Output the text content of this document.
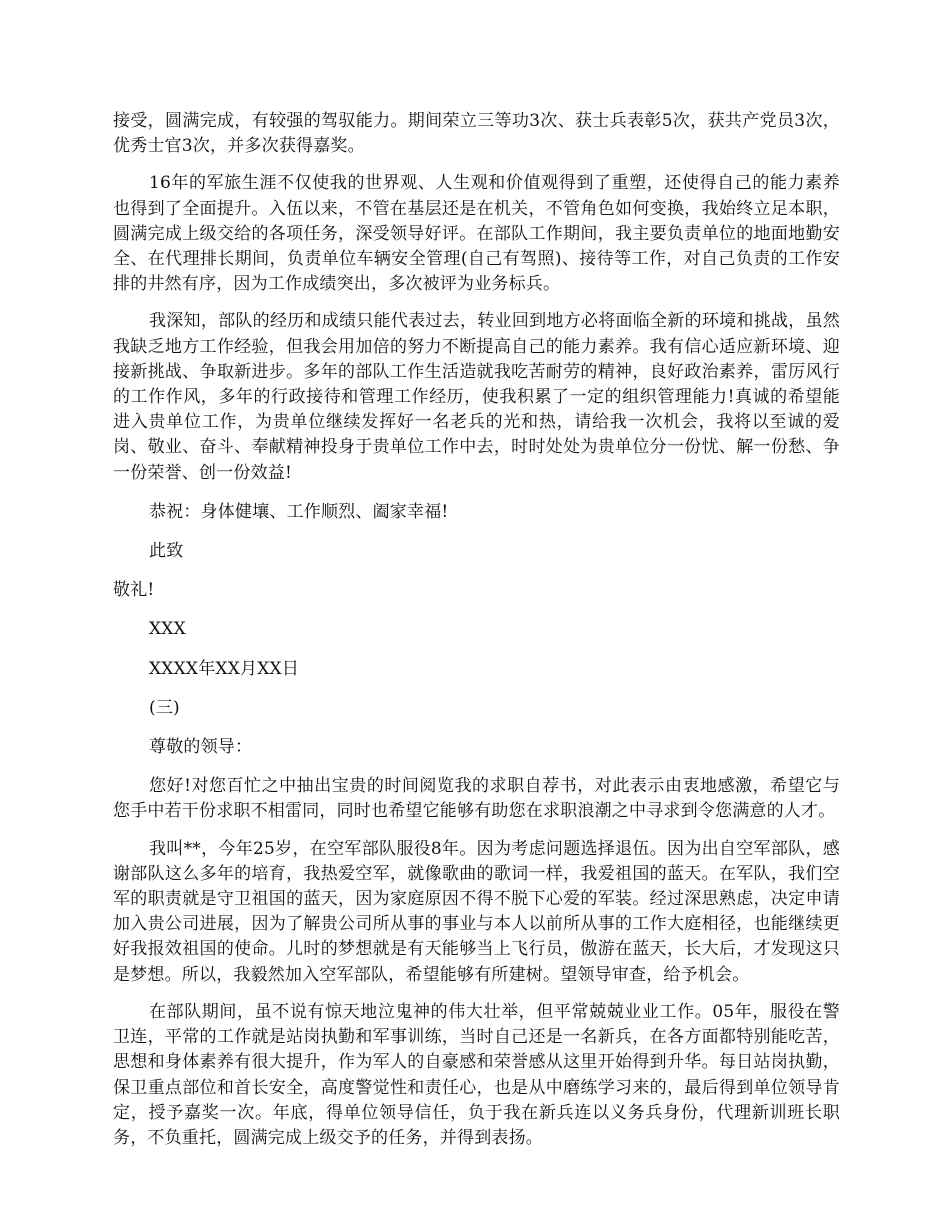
接受，圆满完成，有较强的驾驭能力。期间荣立三等功3次、获士兵表彰5次，获共产党员3次，优秀士官3次，并多次获得嘉奖。

16年的军旅生涯不仅使我的世界观、人生观和价值观得到了重塑，还使得自己的能力素养也得到了全面提升。入伍以来，不管在基层还是在机关，不管角色如何变换，我始终立足本职，圆满完成上级交给的各项任务，深受领导好评。在部队工作期间，我主要负责单位的地面地勤安全、在代理排长期间，负责单位车辆安全管理(自己有驾照)、接待等工作，对自己负责的工作安排的井然有序，因为工作成绩突出，多次被评为业务标兵。

我深知，部队的经历和成绩只能代表过去，转业回到地方必将面临全新的环境和挑战，虽然我缺乏地方工作经验，但我会用加倍的努力不断提高自己的能力素养。我有信心适应新环境、迎接新挑战、争取新进步。多年的部队工作生活造就我吃苦耐劳的精神，良好政治素养，雷厉风行的工作作风，多年的行政接待和管理工作经历，使我积累了一定的组织管理能力!真诚的希望能进入贵单位工作，为贵单位继续发挥好一名老兵的光和热，请给我一次机会，我将以至诚的爱岗、敬业、奋斗、奉献精神投身于贵单位工作中去，时时处处为贵单位分一份忧、解一份愁、争一份荣誉、创一份效益!

恭祝：身体健壤、工作顺烈、阖家幸福!

此致

敬礼!

XXX

XXXX年XX月XX日

(三)

尊敬的领导：

您好!对您百忙之中抽出宝贵的时间阅览我的求职自荐书，对此表示由衷地感激，希望它与您手中若干份求职不相雷同，同时也希望它能够有助您在求职浪潮之中寻求到令您满意的人才。

我叫**，今年25岁，在空军部队服役8年。因为考虑问题选择退伍。因为出自空军部队，感谢部队这么多年的培育，我热爱空军，就像歌曲的歌词一样，我爱祖国的蓝天。在军队，我们空军的职责就是守卫祖国的蓝天，因为家庭原因不得不脱下心爱的军装。经过深思熟虑，决定申请加入贵公司进展，因为了解贵公司所从事的事业与本人以前所从事的工作大庭相径，也能继续更好我报效祖国的使命。儿时的梦想就是有天能够当上飞行员，傲游在蓝天，长大后，才发现这只是梦想。所以，我毅然加入空军部队，希望能够有所建树。望领导审查，给予机会。

在部队期间，虽不说有惊天地泣鬼神的伟大壮举，但平常兢兢业业工作。05年，服役在警卫连，平常的工作就是站岗执勤和军事训练，当时自己还是一名新兵，在各方面都特别能吃苦，思想和身体素养有很大提升，作为军人的自豪感和荣誉感从这里开始得到升华。每日站岗执勤，保卫重点部位和首长安全，高度警觉性和责任心，也是从中磨练学习来的，最后得到单位领导肯定，授予嘉奖一次。年底，得单位领导信任，负于我在新兵连以义务兵身份，代理新训班长职务，不负重托，圆满完成上级交予的任务，并得到表扬。
